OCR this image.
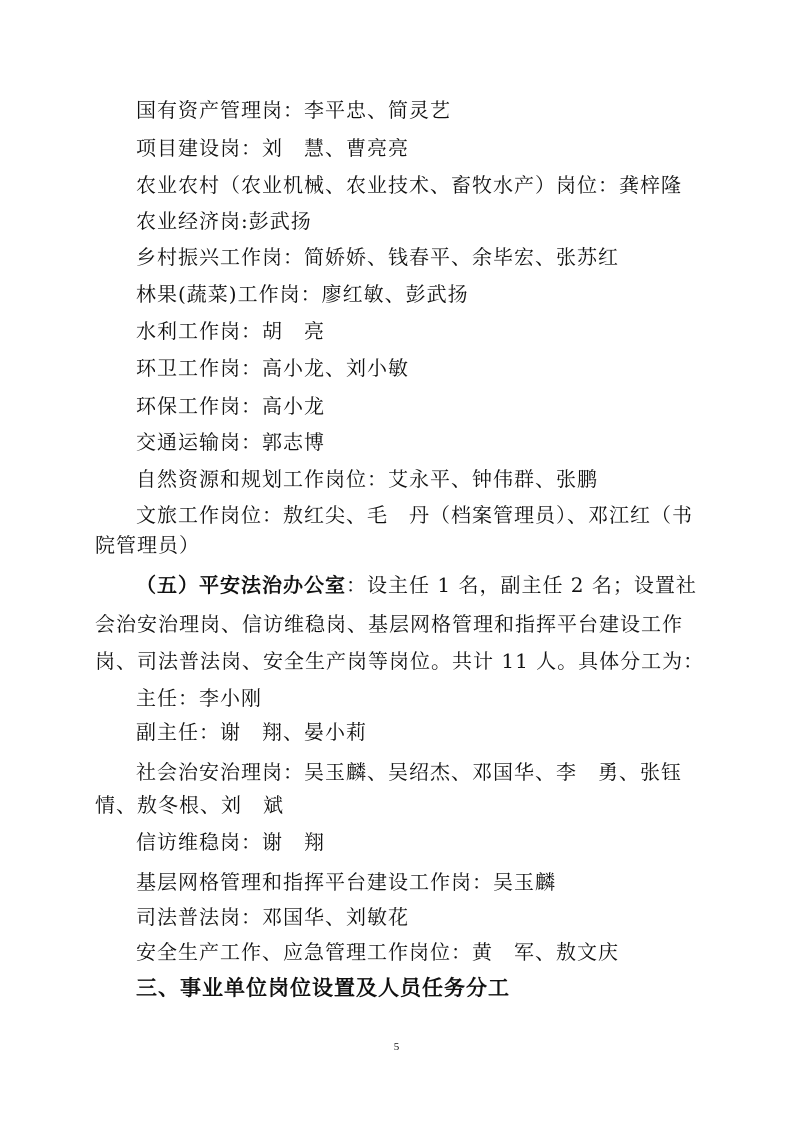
国有资产管理岗：李平忠、简灵艺
项目建设岗：刘　慧、曹亮亮
农业农村（农业机械、农业技术、畜牧水产）岗位：龚梓隆
农业经济岗:彭武扬
乡村振兴工作岗：简娇娇、钱春平、余毕宏、张苏红
林果(蔬菜)工作岗：廖红敏、彭武扬
水利工作岗：胡　亮
环卫工作岗：高小龙、刘小敏
环保工作岗：高小龙
交通运输岗：郭志博
自然资源和规划工作岗位：艾永平、钟伟群、张鹏
文旅工作岗位：敖红尖、毛　丹（档案管理员）、邓江红（书
院管理员）
（五）平安法治办公室：设主任 1 名，副主任 2 名；设置社
会治安治理岗、信访维稳岗、基层网格管理和指挥平台建设工作
岗、司法普法岗、安全生产岗等岗位。共计 11 人。具体分工为：
主任：李小刚
副主任：谢　翔、晏小莉
社会治安治理岗：吴玉麟、吴绍杰、邓国华、李　勇、张钰
情、敖冬根、刘　斌
信访维稳岗：谢　翔
基层网格管理和指挥平台建设工作岗：吴玉麟
司法普法岗：邓国华、刘敏花
安全生产工作、应急管理工作岗位：黄　军、敖文庆
三、事业单位岗位设置及人员任务分工
5
